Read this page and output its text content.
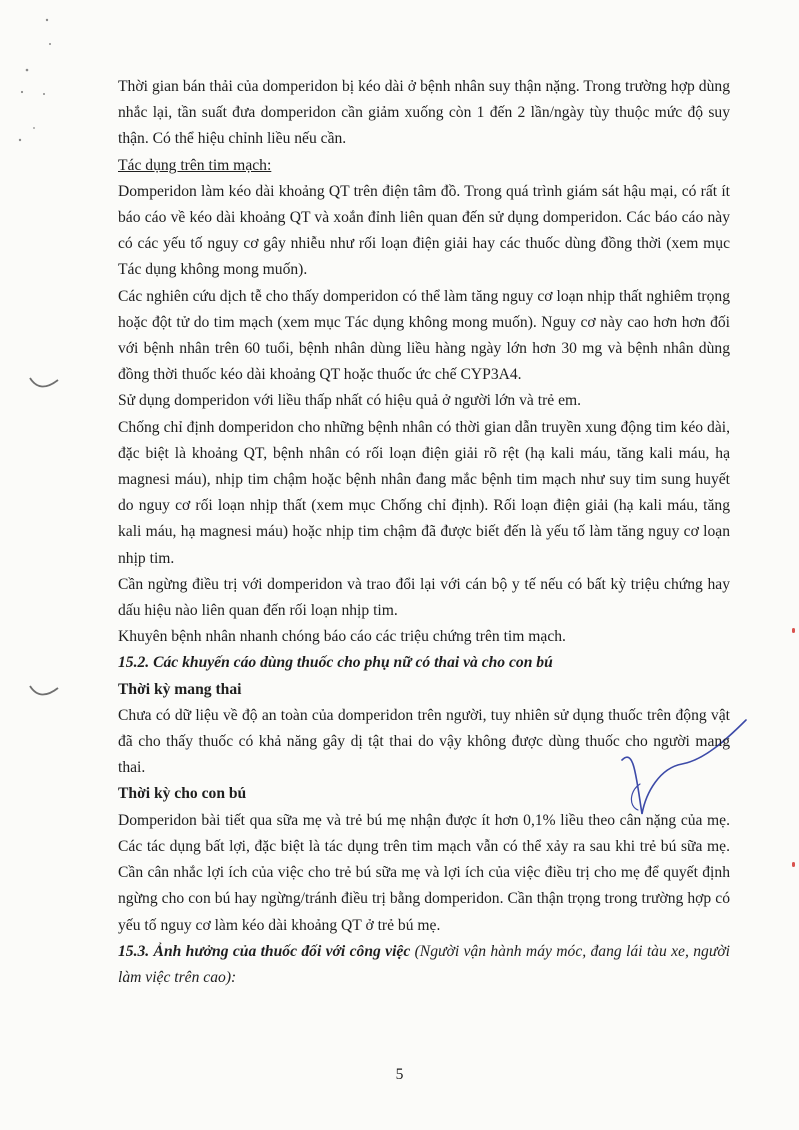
Thời gian bán thải của domperidon bị kéo dài ở bệnh nhân suy thận nặng. Trong trường hợp dùng nhắc lại, tần suất đưa domperidon cần giảm xuống còn 1 đến 2 lần/ngày tùy thuộc mức độ suy thận. Có thể hiệu chỉnh liều nếu cần.

Tác dụng trên tim mạch:

Domperidon làm kéo dài khoảng QT trên điện tâm đồ. Trong quá trình giám sát hậu mại, có rất ít báo cáo về kéo dài khoảng QT và xoắn đỉnh liên quan đến sử dụng domperidon. Các báo cáo này có các yếu tố nguy cơ gây nhiễu như rối loạn điện giải hay các thuốc dùng đồng thời (xem mục Tác dụng không mong muốn).

Các nghiên cứu dịch tễ cho thấy domperidon có thể làm tăng nguy cơ loạn nhịp thất nghiêm trọng hoặc đột tử do tim mạch (xem mục Tác dụng không mong muốn). Nguy cơ này cao hơn hơn đối với bệnh nhân trên 60 tuổi, bệnh nhân dùng liều hàng ngày lớn hơn 30 mg và bệnh nhân dùng đồng thời thuốc kéo dài khoảng QT hoặc thuốc ức chế CYP3A4.

Sử dụng domperidon với liều thấp nhất có hiệu quả ở người lớn và trẻ em.

Chống chỉ định domperidon cho những bệnh nhân có thời gian dẫn truyền xung động tim kéo dài, đặc biệt là khoảng QT, bệnh nhân có rối loạn điện giải rõ rệt (hạ kali máu, tăng kali máu, hạ magnesi máu), nhịp tim chậm hoặc bệnh nhân đang mắc bệnh tim mạch như suy tim sung huyết do nguy cơ rối loạn nhịp thất (xem mục Chống chỉ định). Rối loạn điện giải (hạ kali máu, tăng kali máu, hạ magnesi máu) hoặc nhịp tim chậm đã được biết đến là yếu tố làm tăng nguy cơ loạn nhịp tim.

Cần ngừng điều trị với domperidon và trao đổi lại với cán bộ y tế nếu có bất kỳ triệu chứng hay dấu hiệu nào liên quan đến rối loạn nhịp tim.

Khuyên bệnh nhân nhanh chóng báo cáo các triệu chứng trên tim mạch.

15.2. Các khuyến cáo dùng thuốc cho phụ nữ có thai và cho con bú

Thời kỳ mang thai

Chưa có dữ liệu về độ an toàn của domperidon trên người, tuy nhiên sử dụng thuốc trên động vật đã cho thấy thuốc có khả năng gây dị tật thai do vậy không được dùng thuốc cho người mang thai.

Thời kỳ cho con bú

Domperidon bài tiết qua sữa mẹ và trẻ bú mẹ nhận được ít hơn 0,1% liều theo cân nặng của mẹ. Các tác dụng bất lợi, đặc biệt là tác dụng trên tim mạch vẫn có thể xảy ra sau khi trẻ bú sữa mẹ. Cần cân nhắc lợi ích của việc cho trẻ bú sữa mẹ và lợi ích của việc điều trị cho mẹ để quyết định ngừng cho con bú hay ngừng/tránh điều trị bằng domperidon. Cần thận trọng trong trường hợp có yếu tố nguy cơ làm kéo dài khoảng QT ở trẻ bú mẹ.

15.3. Ảnh hưởng của thuốc đối với công việc (Người vận hành máy móc, đang lái tàu xe, người làm việc trên cao):

5
